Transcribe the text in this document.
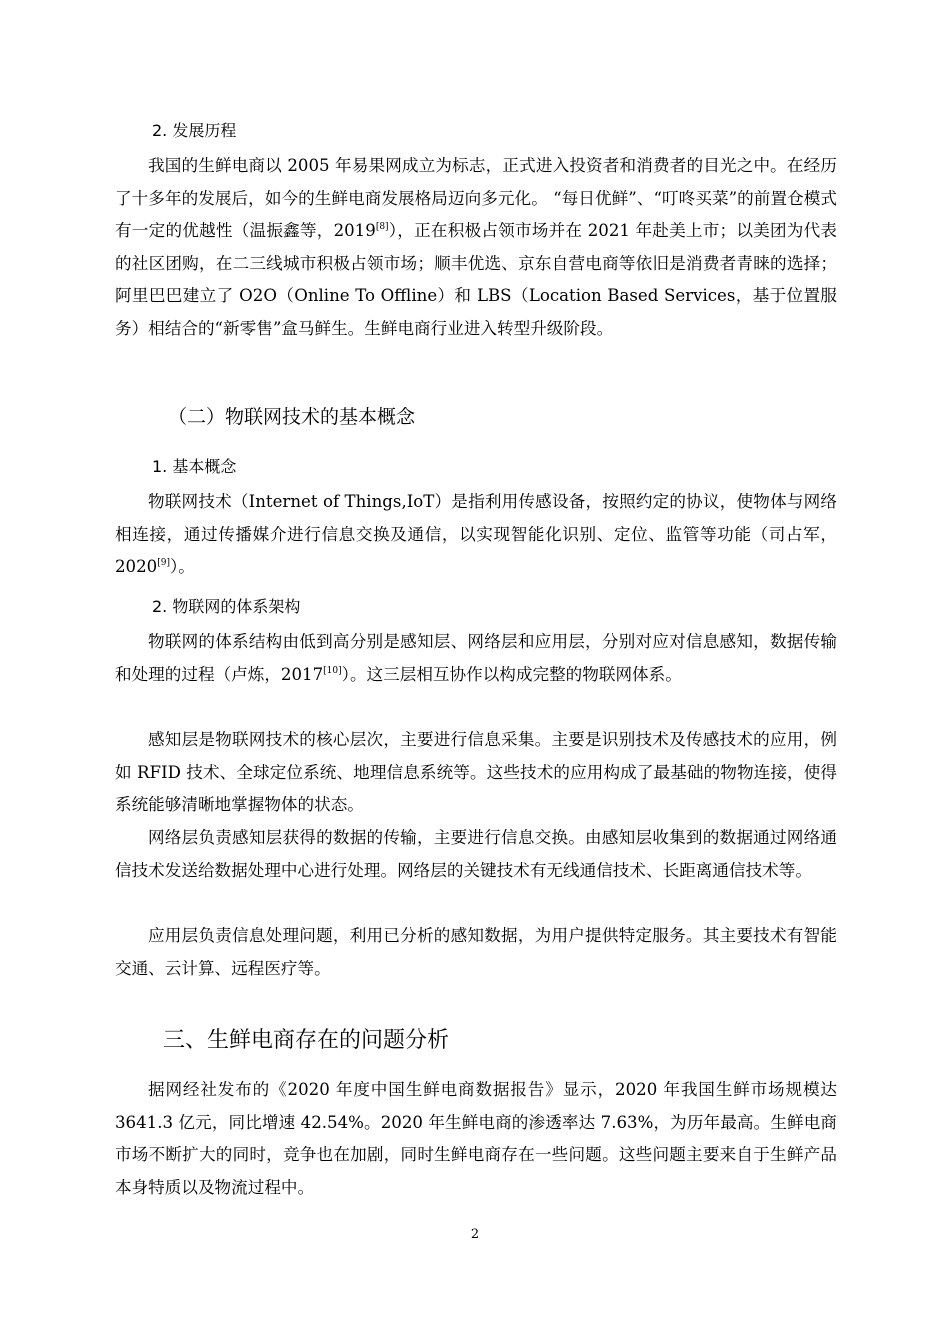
2. 发展历程

我国的生鲜电商以 2005 年易果网成立为标志，正式进入投资者和消费者的目光之中。在经历了十多年的发展后，如今的生鲜电商发展格局迈向多元化。 “每日优鲜”、“叮咚买菜”的前置仓模式有一定的优越性（温振鑫等，2019[8]），正在积极占领市场并在 2021 年赴美上市；以美团为代表的社区团购，在二三线城市积极占领市场；顺丰优选、京东自营电商等依旧是消费者青睐的选择；阿里巴巴建立了 O2O（Online To Offline）和 LBS（Location Based Services，基于位置服务）相结合的“新零售”盒马鲜生。生鲜电商行业进入转型升级阶段。

（二）物联网技术的基本概念
1. 基本概念

物联网技术（Internet of Things,IoT）是指利用传感设备，按照约定的协议，使物体与网络相连接，通过传播媒介进行信息交换及通信，以实现智能化识别、定位、监管等功能（司占军，2020[9]）。

2. 物联网的体系架构

物联网的体系结构由低到高分别是感知层、网络层和应用层，分别对应对信息感知，数据传输和处理的过程（卢炼，2017[10]）。这三层相互协作以构成完整的物联网体系。

感知层是物联网技术的核心层次，主要进行信息采集。主要是识别技术及传感技术的应用，例如 RFID 技术、全球定位系统、地理信息系统等。这些技术的应用构成了最基础的物物连接，使得系统能够清晰地掌握物体的状态。

网络层负责感知层获得的数据的传输，主要进行信息交换。由感知层收集到的数据通过网络通信技术发送给数据处理中心进行处理。网络层的关键技术有无线通信技术、长距离通信技术等。

应用层负责信息处理问题，利用已分析的感知数据，为用户提供特定服务。其主要技术有智能交通、云计算、远程医疗等。

三、生鲜电商存在的问题分析

据网经社发布的《2020 年度中国生鲜电商数据报告》显示，2020 年我国生鲜市场规模达 3641.3 亿元，同比增速 42.54%。2020 年生鲜电商的渗透率达 7.63%，为历年最高。生鲜电商市场不断扩大的同时，竞争也在加剧，同时生鲜电商存在一些问题。这些问题主要来自于生鲜产品本身特质以及物流过程中。

2
